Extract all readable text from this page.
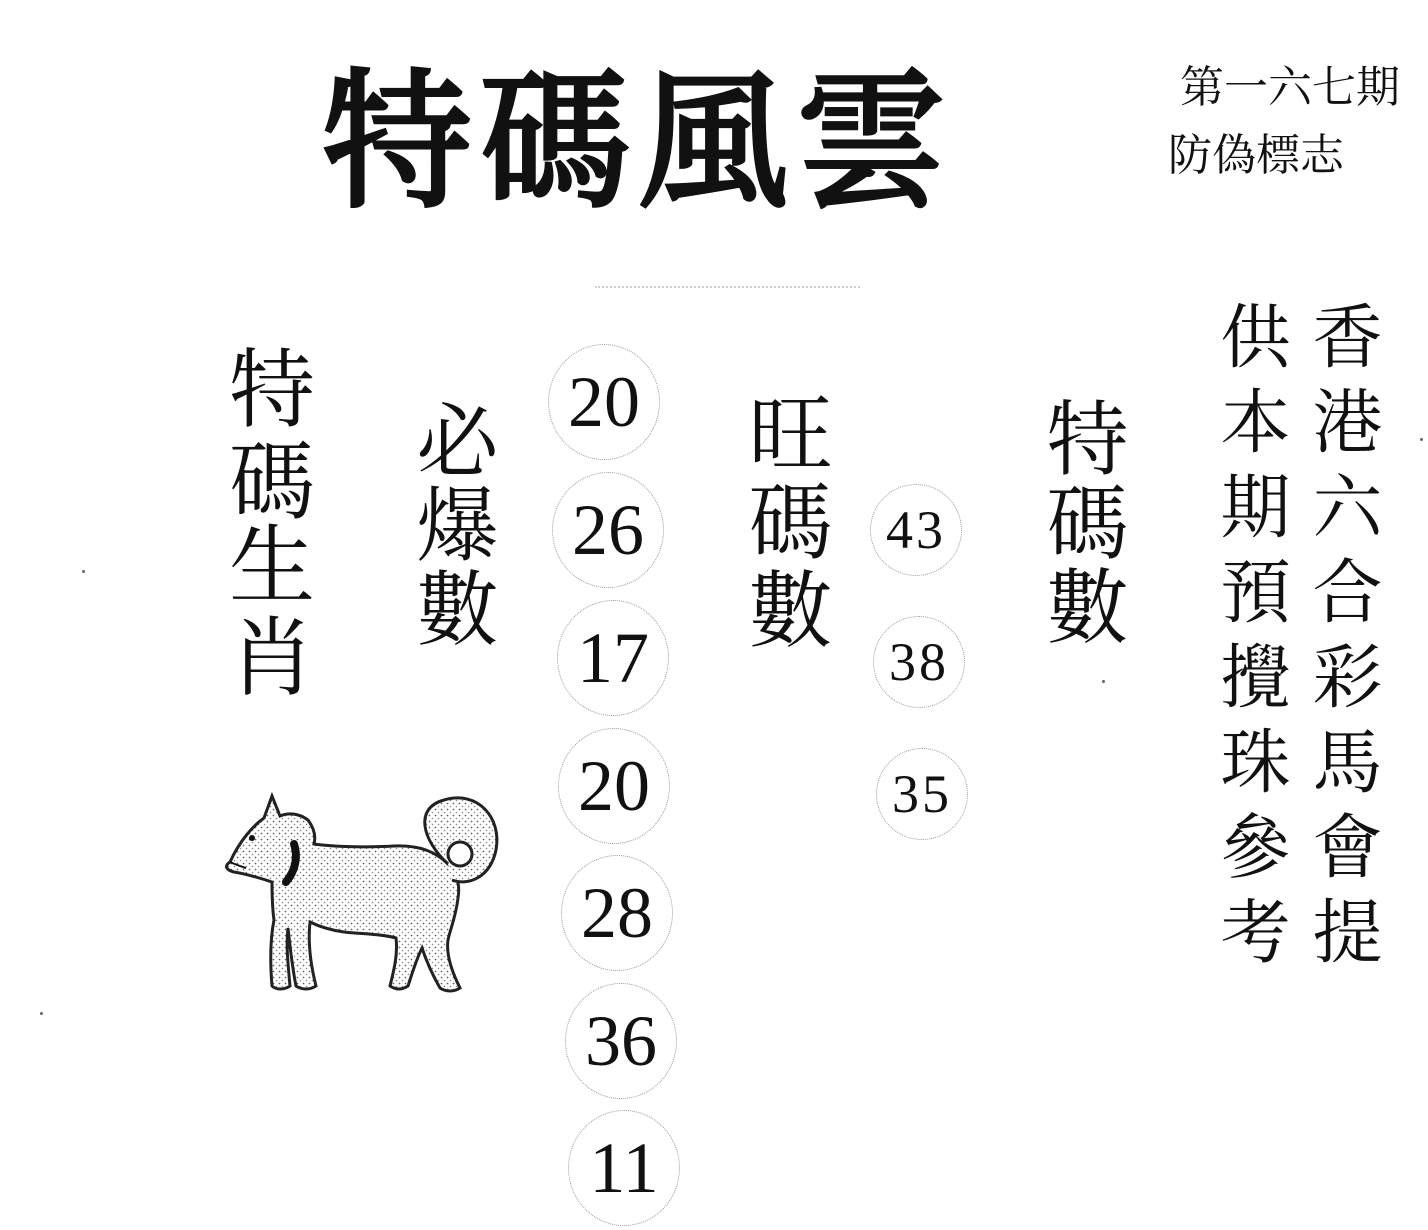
特碼風雲	第一六七期
防偽標志
特碼
生肖 必爆數	旺碼數 特碼數 供本期預攪珠參考 香港六合彩馬會提
20
26
17
20
28
36
11
43
38
35
